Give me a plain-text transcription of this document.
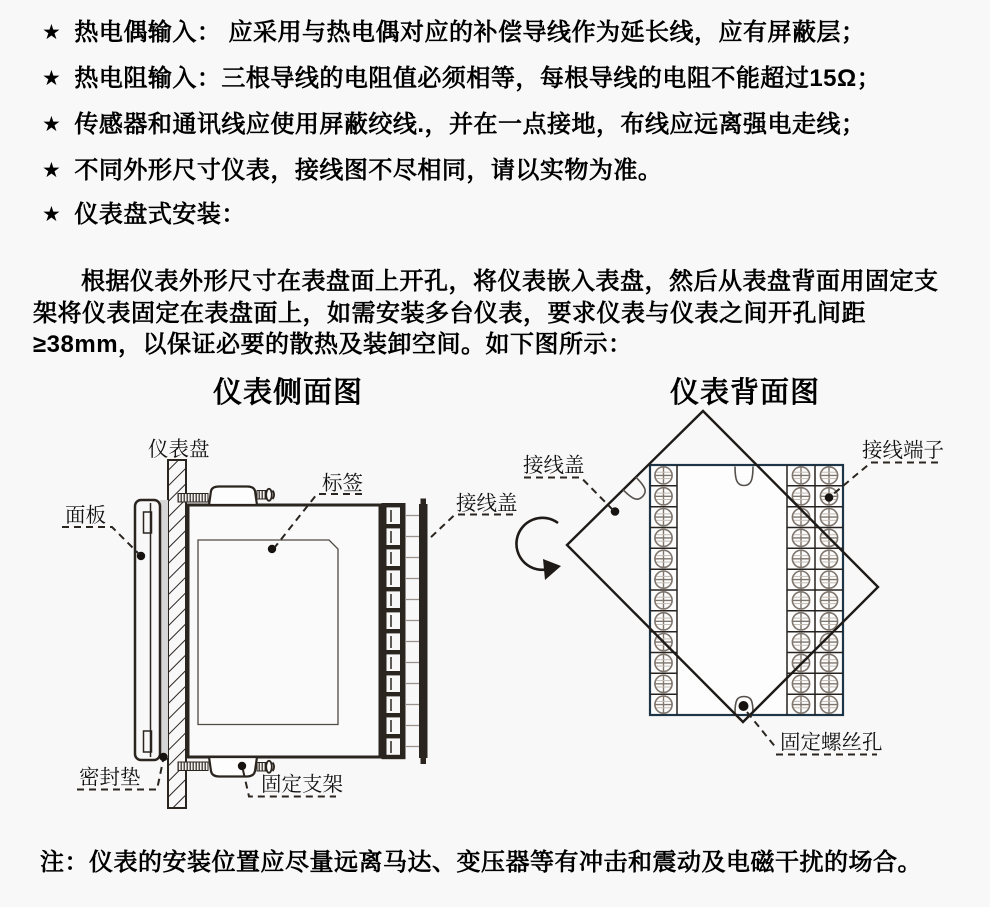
★ 热电偶输入： 应采用与热电偶对应的补偿导线作为延长线，应有屏蔽层；
★ 热电阻输入：三根导线的电阻值必须相等，每根导线的电阻不能超过15Ω；
★ 传感器和通讯线应使用屏蔽绞线.，并在一点接地，布线应远离强电走线；
★ 不同外形尺寸仪表，接线图不尽相同，请以实物为准。
★ 仪表盘式安装：

根据仪表外形尺寸在表盘面上开孔，将仪表嵌入表盘，然后从表盘背面用固定支架将仪表固定在表盘面上，如需安装多台仪表，要求仪表与仪表之间开孔间距≥38mm，以保证必要的散热及装卸空间。如下图所示：

仪表侧面图	仪表背面图
仪表盘
面板
标签
接线盖
密封垫	固定支架
接线盖
接线端子
固定螺丝孔
注：仪表的安装位置应尽量远离马达、变压器等有冲击和震动及电磁干扰的场合。
